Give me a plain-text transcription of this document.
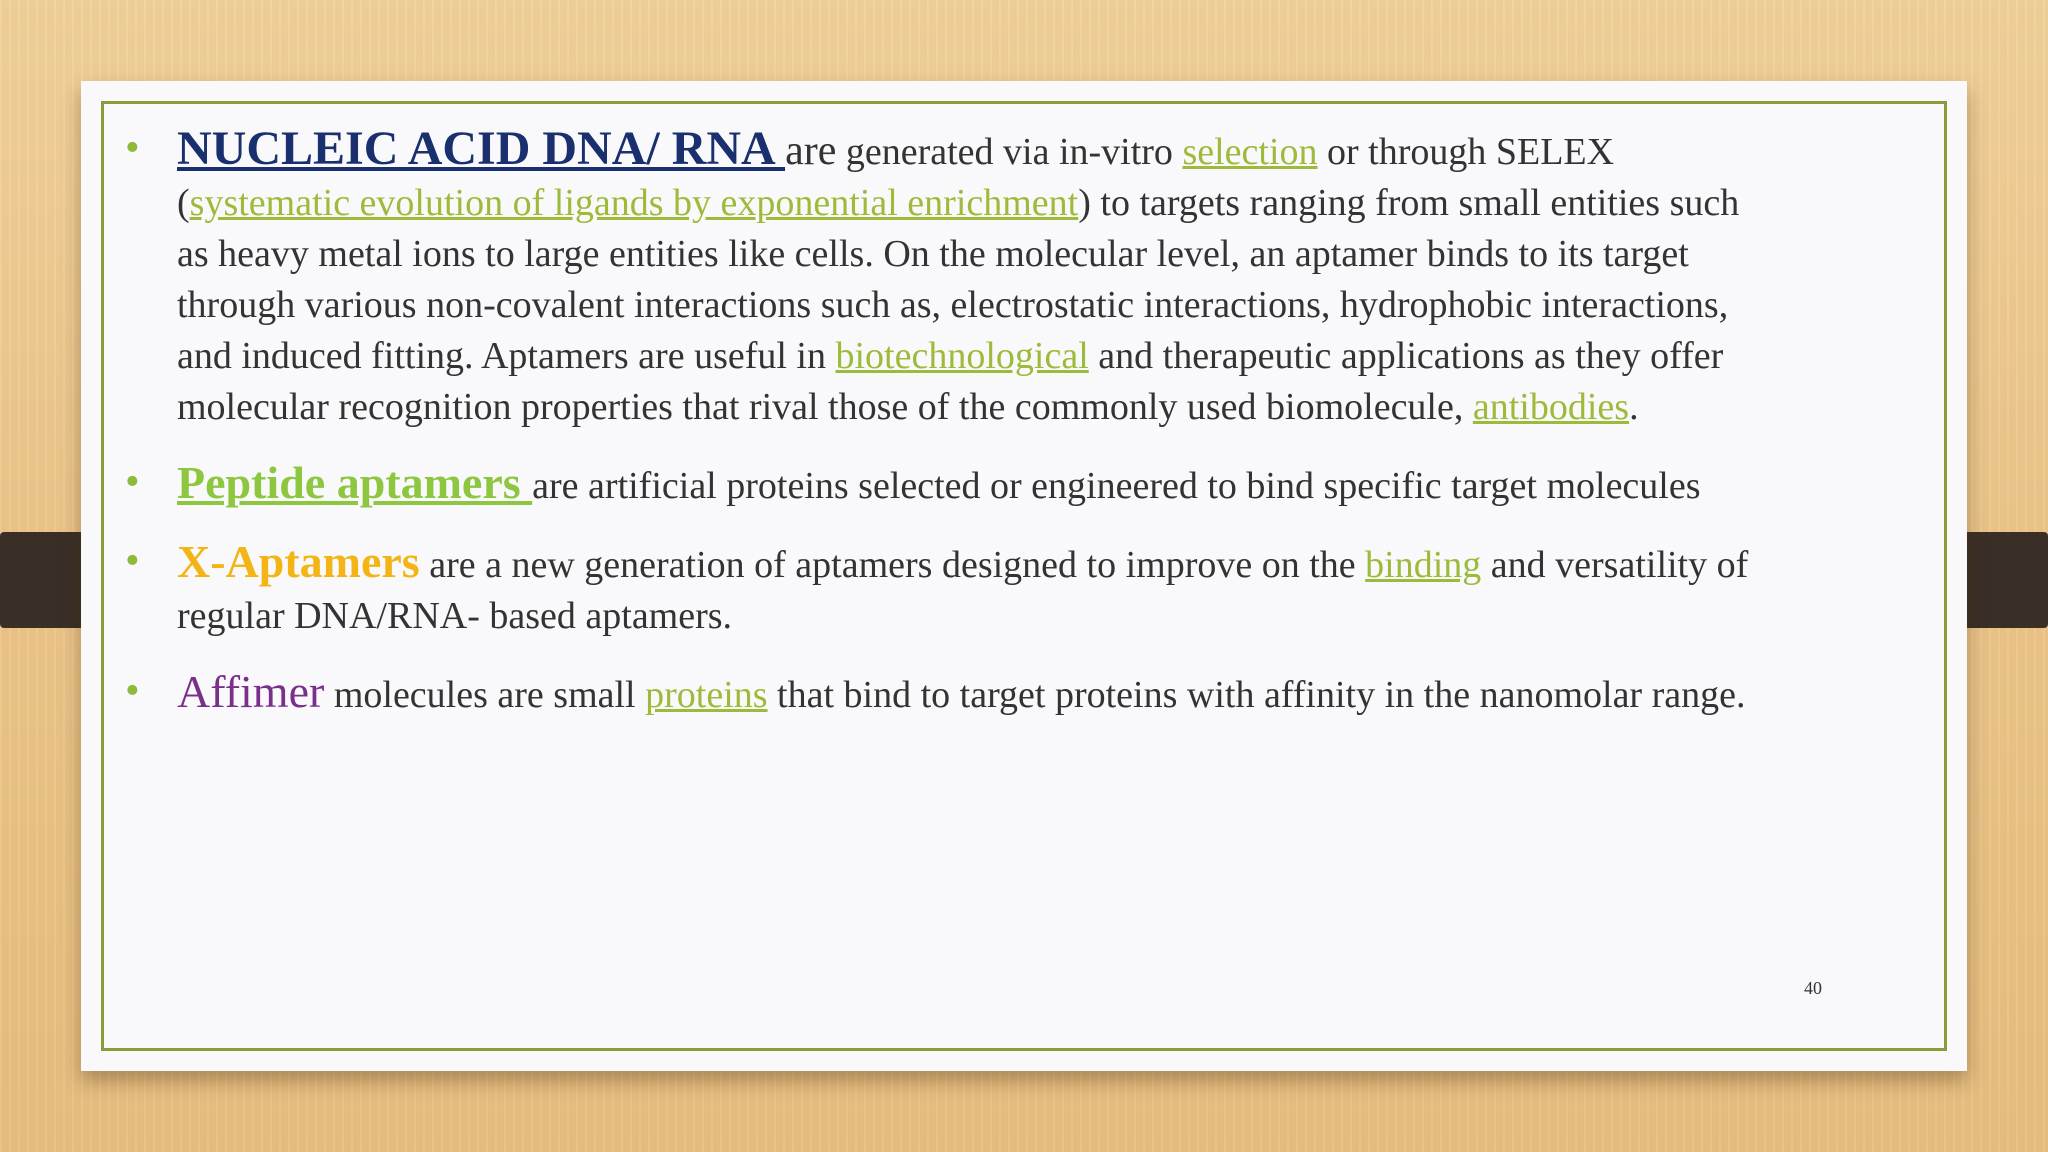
• NUCLEIC ACID DNA/ RNA are generated via in-vitro selection or through SELEX (systematic evolution of ligands by exponential enrichment) to targets ranging from small entities such as heavy metal ions to large entities like cells. On the molecular level, an aptamer binds to its target through various non-covalent interactions such as, electrostatic interactions, hydrophobic interactions, and induced fitting. Aptamers are useful in biotechnological and therapeutic applications as they offer molecular recognition properties that rival those of the commonly used biomolecule, antibodies.
• Peptide aptamers are artificial proteins selected or engineered to bind specific target molecules
• X-Aptamers are a new generation of aptamers designed to improve on the binding and versatility of regular DNA/RNA- based aptamers.
• Affimer molecules are small proteins that bind to target proteins with affinity in the nanomolar range.
40
